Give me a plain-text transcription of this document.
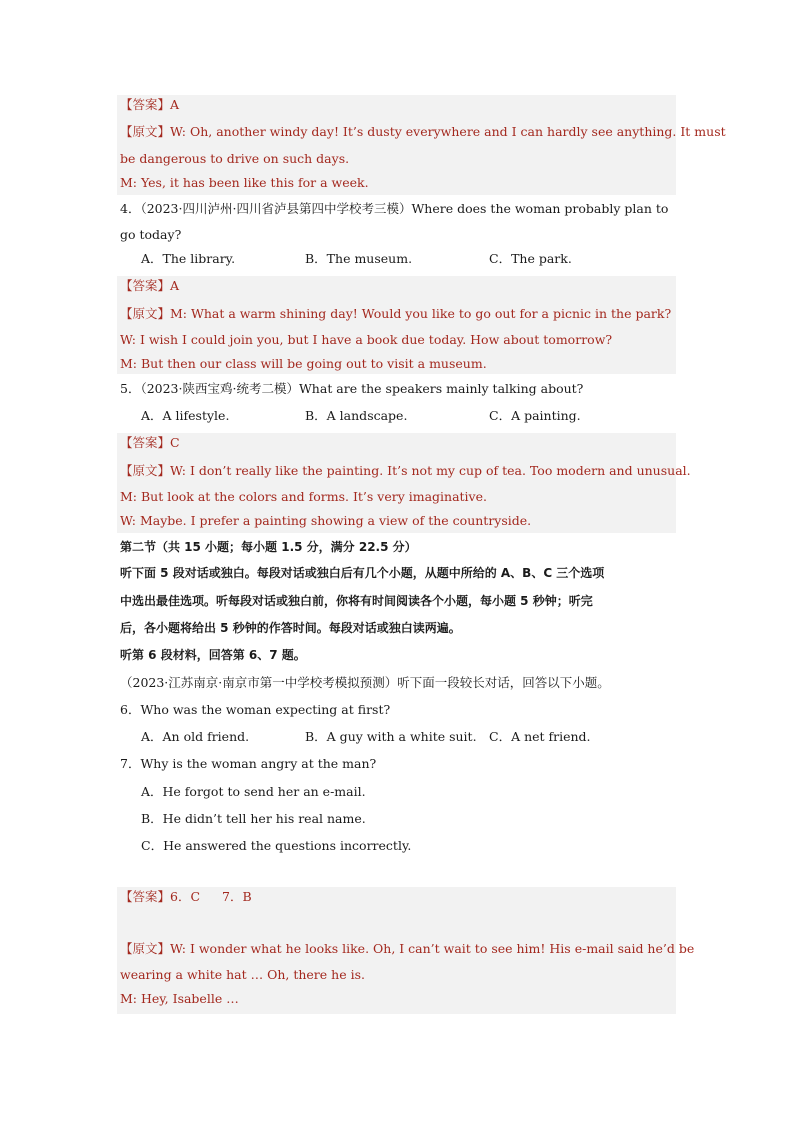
【答案】A
【原文】W: Oh, another windy day! It’s dusty everywhere and I can hardly see anything. It must
be dangerous to drive on such days.
M: Yes, it has been like this for a week.
4．（2023·四川泸州·四川省泸县第四中学校考三模）Where does the woman probably plan to
go today?
A．The library.	B．The museum.	C．The park.
【答案】A
【原文】M: What a warm shining day! Would you like to go out for a picnic in the park?
W: I wish I could join you, but I have a book due today. How about tomorrow?
M: But then our class will be going out to visit a museum.
5．（2023·陕西宝鸡·统考二模）What are the speakers mainly talking about?
A．A lifestyle.	B．A landscape.	C．A painting.
【答案】C
【原文】W: I don’t really like the painting. It’s not my cup of tea. Too modern and unusual.
M: But look at the colors and forms. It’s very imaginative.
W: Maybe. I prefer a painting showing a view of the countryside.
第二节（共 15 小题；每小题 1.5 分，满分 22.5 分）
听下面 5 段对话或独白。每段对话或独白后有几个小题，从题中所给的 A、B、C 三个选项
中选出最佳选项。听每段对话或独白前，你将有时间阅读各个小题，每小题 5 秒钟；听完
后，各小题将给出 5 秒钟的作答时间。每段对话或独白读两遍。
听第 6 段材料，回答第 6、7 题。
（2023·江苏南京·南京市第一中学校考模拟预测）听下面一段较长对话，回答以下小题。
6．Who was the woman expecting at first?
A．An old friend.	B．A guy with a white suit. C．A net friend.
7．Why is the woman angry at the man?
A．He forgot to send her an e-mail.
B．He didn’t tell her his real name.
C．He answered the questions incorrectly.
【答案】6．C 7．B
【原文】W: I wonder what he looks like. Oh, I can’t wait to see him! His e-mail said he’d be
wearing a white hat … Oh, there he is.
M: Hey, Isabelle …
